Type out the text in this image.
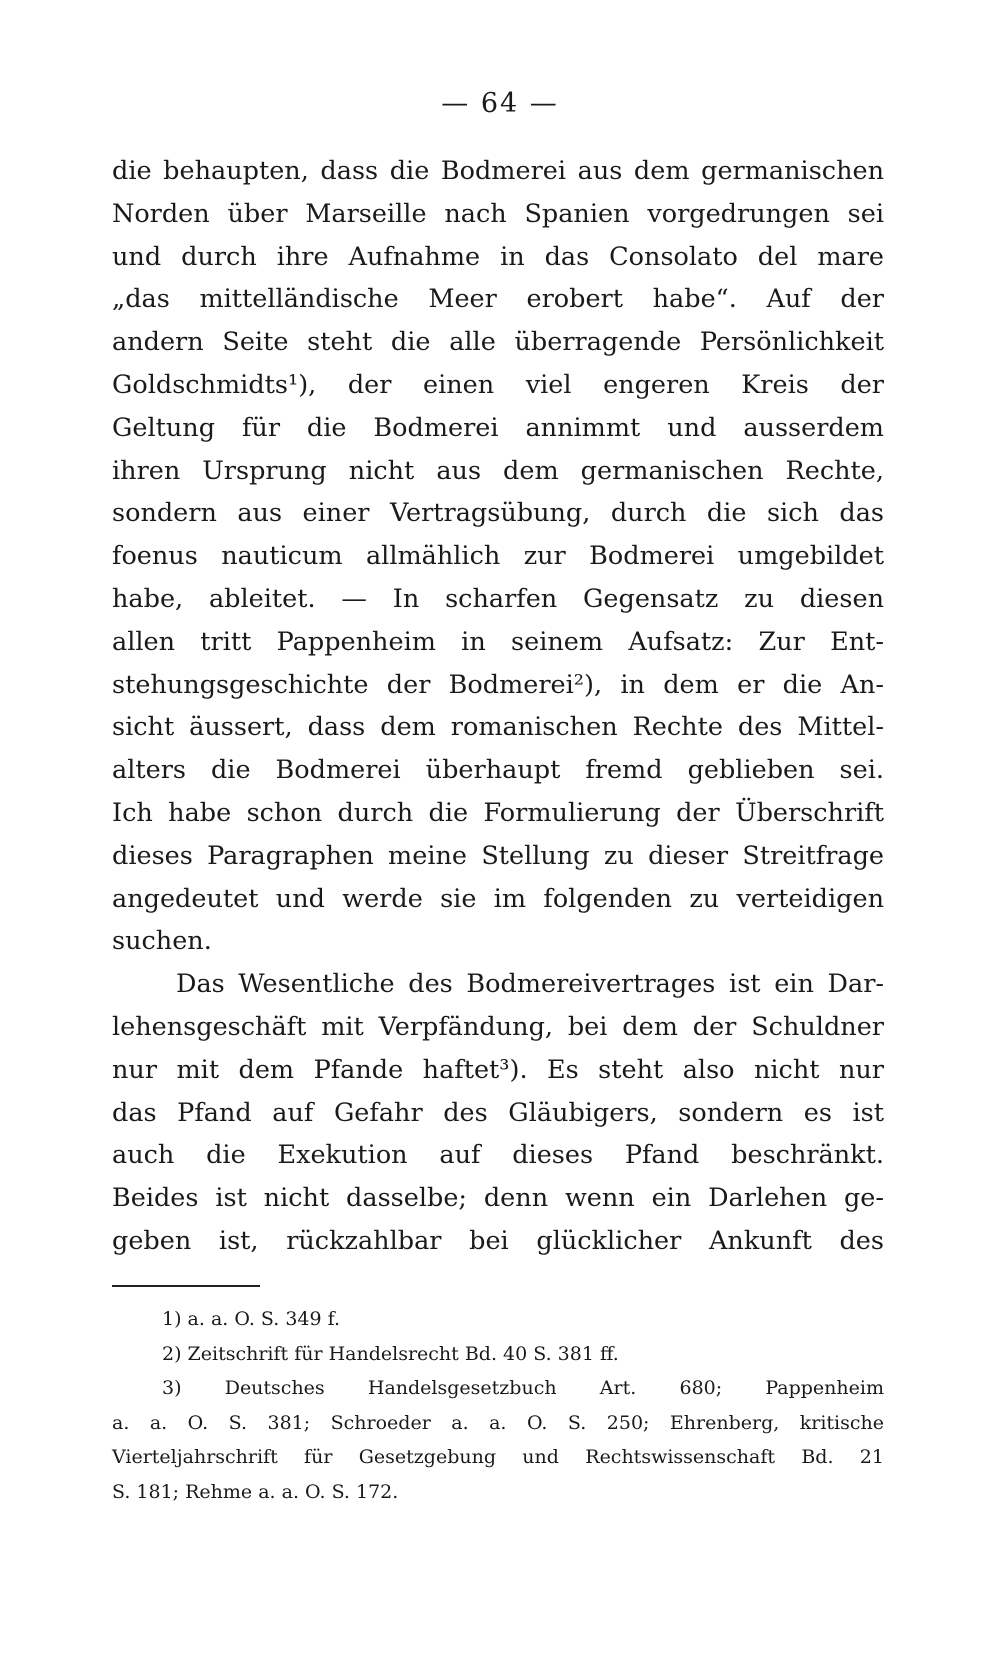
— 64 —
die behaupten, dass die Bodmerei aus dem germanischen
Norden über Marseille nach Spanien vorgedrungen sei
und durch ihre Aufnahme in das Consolato del mare
„das mittelländische Meer erobert habe“. Auf der
andern Seite steht die alle überragende Persönlichkeit
Goldschmidts¹), der einen viel engeren Kreis der
Geltung für die Bodmerei annimmt und ausserdem
ihren Ursprung nicht aus dem germanischen Rechte,
sondern aus einer Vertragsübung, durch die sich das
foenus nauticum allmählich zur Bodmerei umgebildet
habe, ableitet. — In scharfen Gegensatz zu diesen
allen tritt Pappenheim in seinem Aufsatz: Zur Ent-
stehungsgeschichte der Bodmerei²), in dem er die An-
sicht äussert, dass dem romanischen Rechte des Mittel-
alters die Bodmerei überhaupt fremd geblieben sei.
Ich habe schon durch die Formulierung der Überschrift
dieses Paragraphen meine Stellung zu dieser Streitfrage
angedeutet und werde sie im folgenden zu verteidigen
suchen.
Das Wesentliche des Bodmereivertrages ist ein Dar-
lehensgeschäft mit Verpfändung, bei dem der Schuldner
nur mit dem Pfande haftet³). Es steht also nicht nur
das Pfand auf Gefahr des Gläubigers, sondern es ist
auch die Exekution auf dieses Pfand beschränkt.
Beides ist nicht dasselbe; denn wenn ein Darlehen ge-
geben ist, rückzahlbar bei glücklicher Ankunft des
1) a. a. O. S. 349 f.
2) Zeitschrift für Handelsrecht Bd. 40 S. 381 ff.
3) Deutsches Handelsgesetzbuch Art. 680; Pappenheim
a. a. O. S. 381; Schroeder a. a. O. S. 250; Ehrenberg, kritische
Vierteljahrschrift für Gesetzgebung und Rechtswissenschaft Bd. 21
S. 181; Rehme a. a. O. S. 172.
